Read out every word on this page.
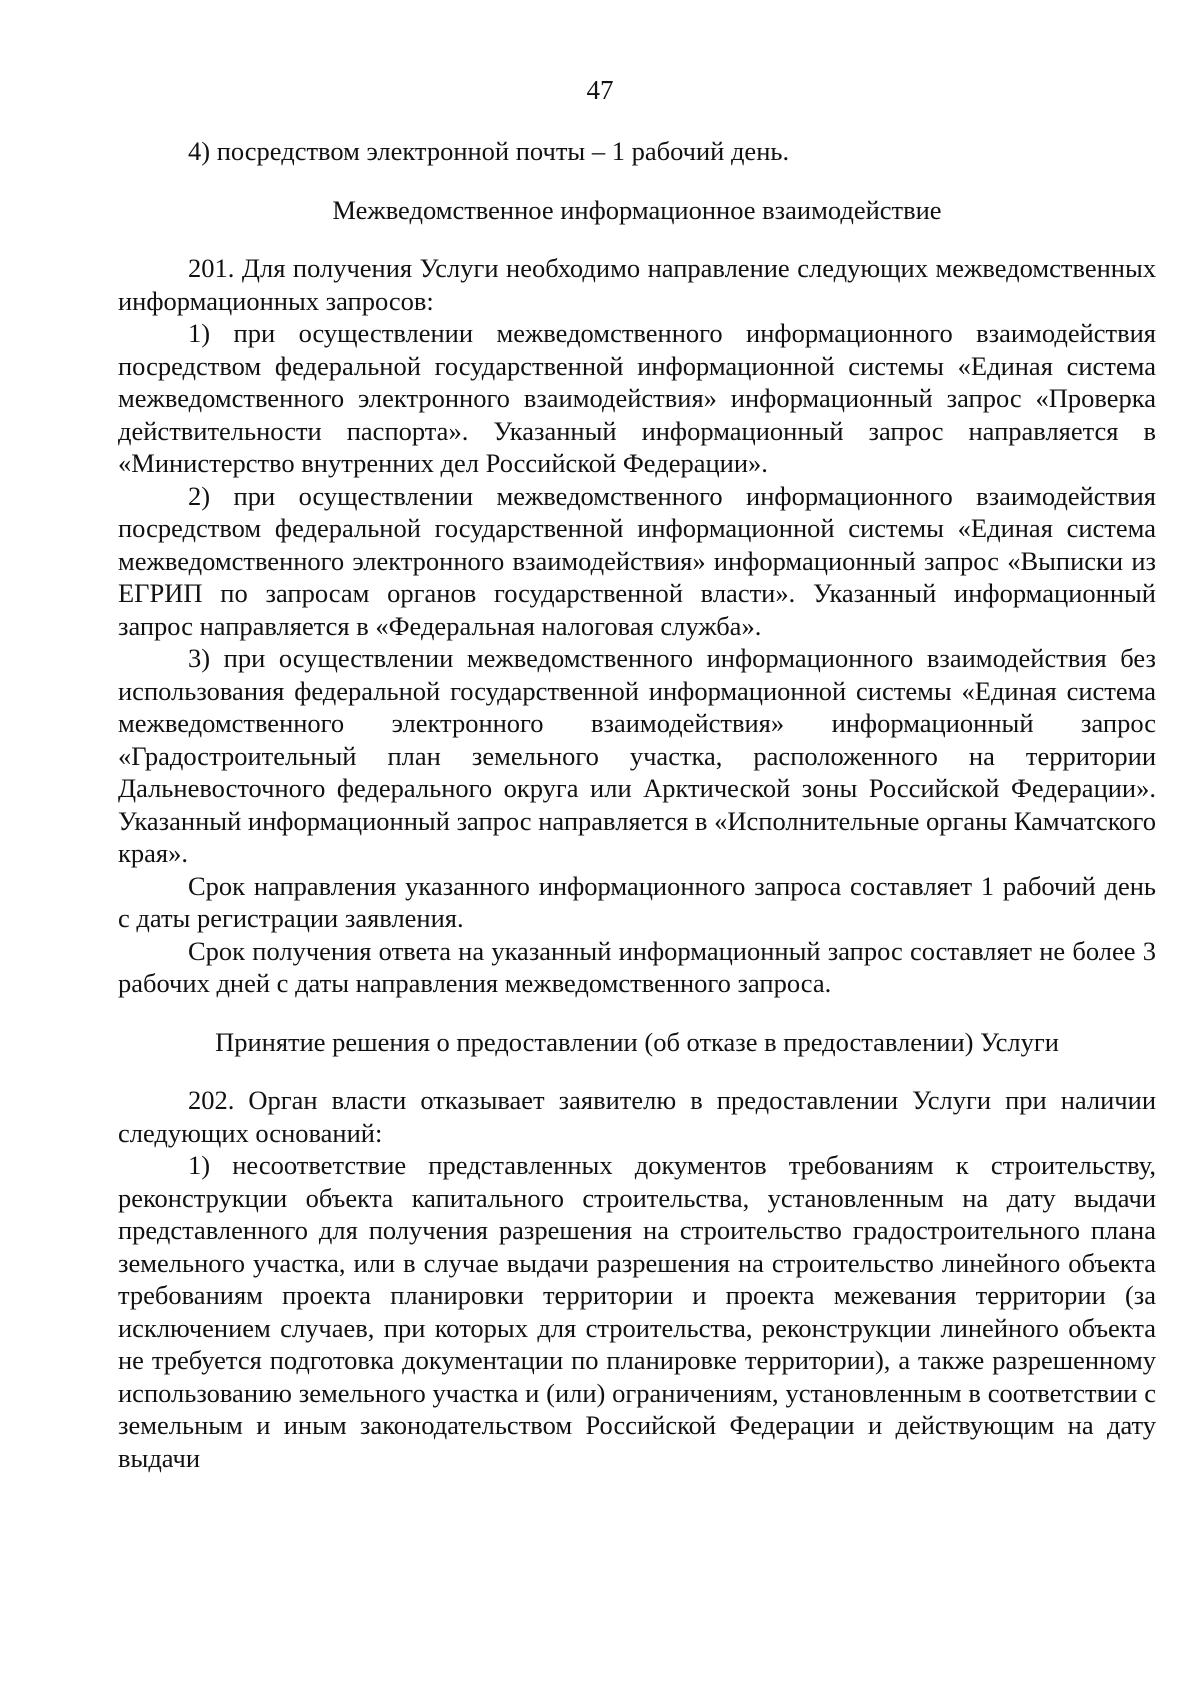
47

4) посредством электронной почты – 1 рабочий день.

Межведомственное информационное взаимодействие

201. Для получения Услуги необходимо направление следующих межведомственных информационных запросов:

1) при осуществлении межведомственного информационного взаимодействия посредством федеральной государственной информационной системы «Единая система межведомственного электронного взаимодействия» информационный запрос «Проверка действительности паспорта». Указанный информационный запрос направляется в «Министерство внутренних дел Российской Федерации».

2) при осуществлении межведомственного информационного взаимодействия посредством федеральной государственной информационной системы «Единая система межведомственного электронного взаимодействия» информационный запрос «Выписки из ЕГРИП по запросам органов государственной власти». Указанный информационный запрос направляется в «Федеральная налоговая служба».

3) при осуществлении межведомственного информационного взаимодействия без использования федеральной государственной информационной системы «Единая система межведомственного электронного взаимодействия» информационный запрос «Градостроительный план земельного участка, расположенного на территории Дальневосточного федерального округа или Арктической зоны Российской Федерации». Указанный информационный запрос направляется в «Исполнительные органы Камчатского края».

Срок направления указанного информационного запроса составляет 1 рабочий день с даты регистрации заявления.

Срок получения ответа на указанный информационный запрос составляет не более 3 рабочих дней с даты направления межведомственного запроса.

Принятие решения о предоставлении (об отказе в предоставлении) Услуги

202. Орган власти отказывает заявителю в предоставлении Услуги при наличии следующих оснований:

1) несоответствие представленных документов требованиям к строительству, реконструкции объекта капитального строительства, установленным на дату выдачи представленного для получения разрешения на строительство градостроительного плана земельного участка, или в случае выдачи разрешения на строительство линейного объекта требованиям проекта планировки территории и проекта межевания территории (за исключением случаев, при которых для строительства, реконструкции линейного объекта не требуется подготовка документации по планировке территории), а также разрешенному использованию земельного участка и (или) ограничениям, установленным в соответствии с земельным и иным законодательством Российской Федерации и действующим на дату выдачи
